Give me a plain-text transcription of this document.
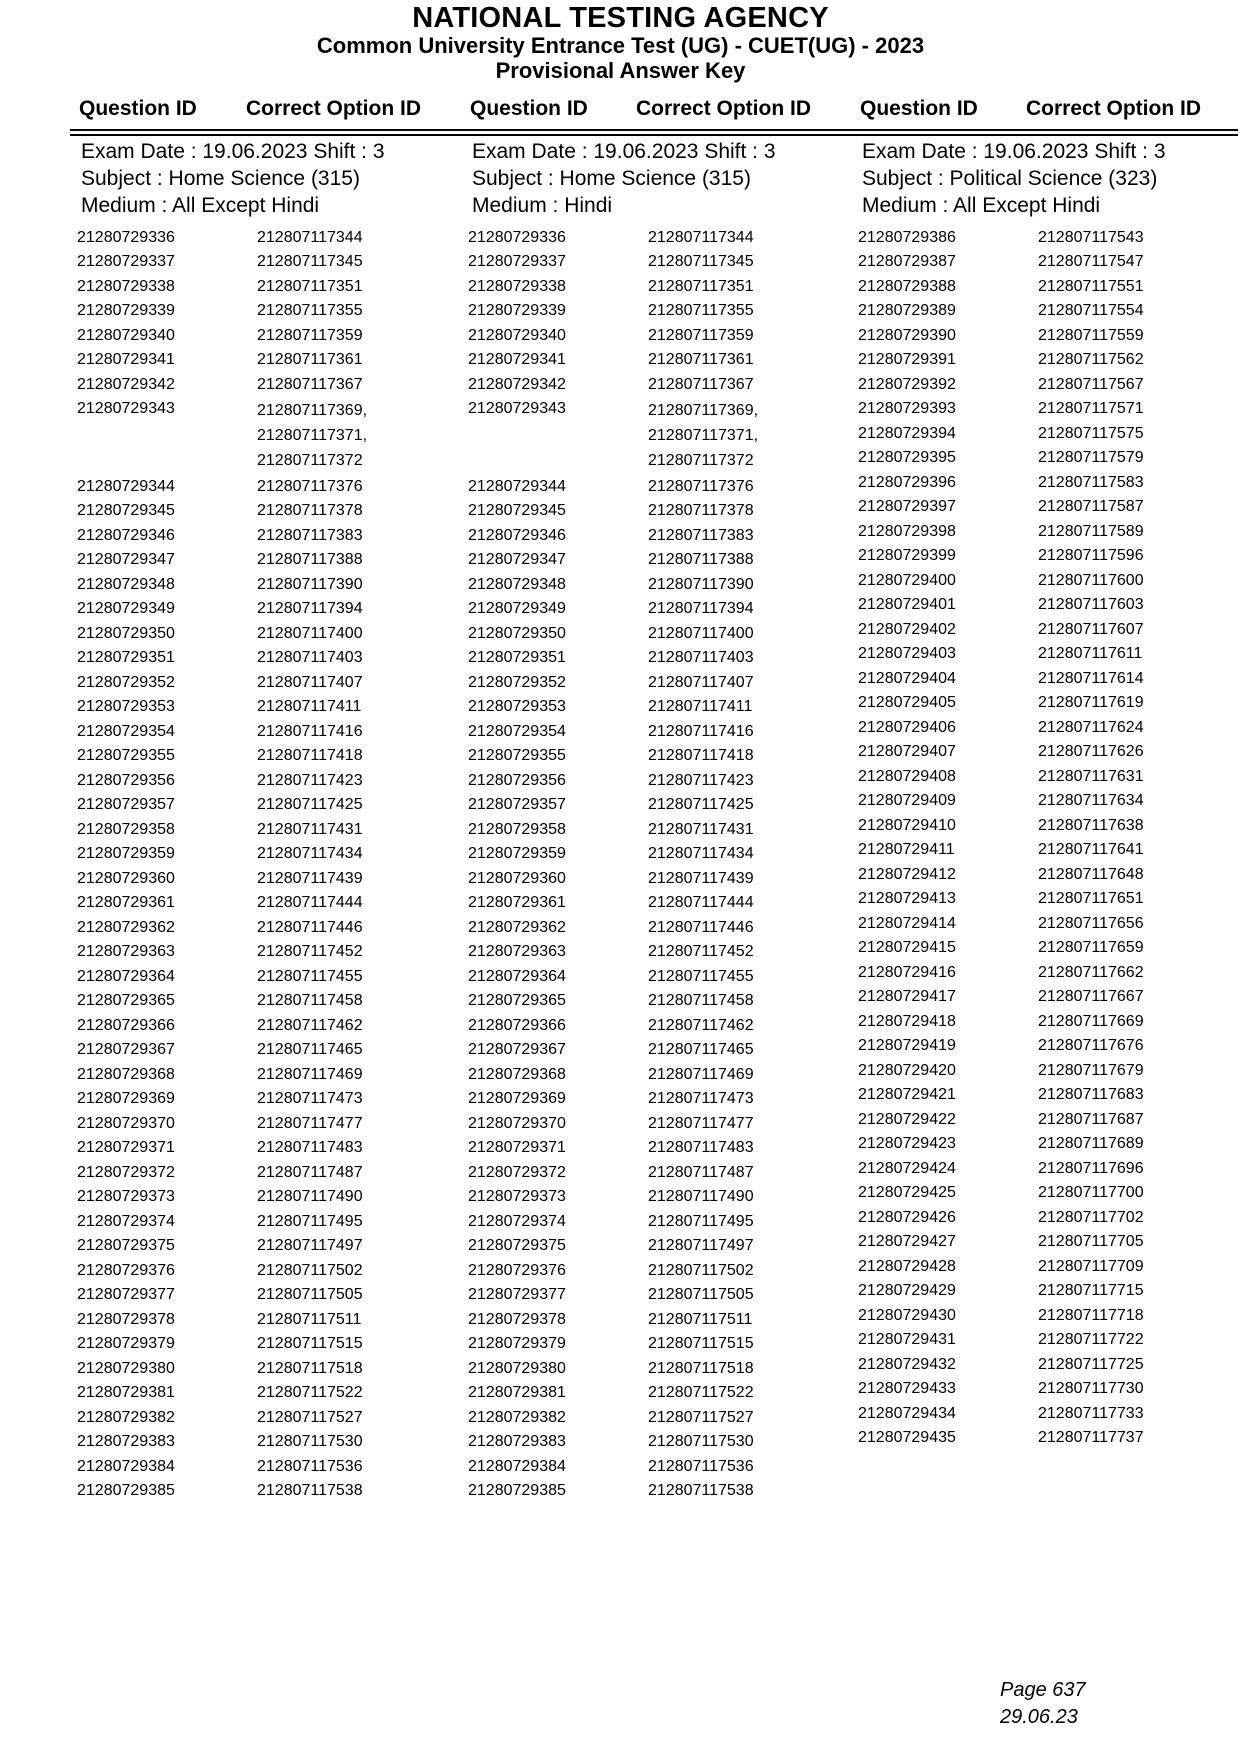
NATIONAL TESTING AGENCY
Common University Entrance Test (UG) - CUET(UG) - 2023
Provisional Answer Key
Question ID Correct Option ID Question ID Correct Option ID Question ID Correct Option ID
Exam Date : 19.06.2023 Shift : 3
Subject : Home Science (315)
Medium : All Except Hindi
21280729336	212807117344
21280729337	212807117345
21280729338	212807117351
21280729339	212807117355
21280729340	212807117359
21280729341	212807117361
21280729342	212807117367
21280729343	212807117369,
212807117371,
212807117372
21280729344	212807117376
21280729345	212807117378
21280729346	212807117383
21280729347	212807117388
21280729348	212807117390
21280729349	212807117394
21280729350	212807117400
21280729351	212807117403
21280729352	212807117407
21280729353	212807117411
21280729354	212807117416
21280729355	212807117418
21280729356	212807117423
21280729357	212807117425
21280729358	212807117431
21280729359	212807117434
21280729360	212807117439
21280729361	212807117444
21280729362	212807117446
21280729363	212807117452
21280729364	212807117455
21280729365	212807117458
21280729366	212807117462
21280729367	212807117465
21280729368	212807117469
21280729369	212807117473
21280729370	212807117477
21280729371	212807117483
21280729372	212807117487
21280729373	212807117490
21280729374	212807117495
21280729375	212807117497
21280729376	212807117502
21280729377	212807117505
21280729378	212807117511
21280729379	212807117515
21280729380	212807117518
21280729381	212807117522
21280729382	212807117527
21280729383	212807117530
21280729384	212807117536
21280729385	212807117538
Exam Date : 19.06.2023 Shift : 3
Subject : Home Science (315)
Medium : Hindi
21280729336	212807117344
21280729337	212807117345
21280729338	212807117351
21280729339	212807117355
21280729340	212807117359
21280729341	212807117361
21280729342	212807117367
21280729343	212807117369,
212807117371,
212807117372
21280729344	212807117376
21280729345	212807117378
21280729346	212807117383
21280729347	212807117388
21280729348	212807117390
21280729349	212807117394
21280729350	212807117400
21280729351	212807117403
21280729352	212807117407
21280729353	212807117411
21280729354	212807117416
21280729355	212807117418
21280729356	212807117423
21280729357	212807117425
21280729358	212807117431
21280729359	212807117434
21280729360	212807117439
21280729361	212807117444
21280729362	212807117446
21280729363	212807117452
21280729364	212807117455
21280729365	212807117458
21280729366	212807117462
21280729367	212807117465
21280729368	212807117469
21280729369	212807117473
21280729370	212807117477
21280729371	212807117483
21280729372	212807117487
21280729373	212807117490
21280729374	212807117495
21280729375	212807117497
21280729376	212807117502
21280729377	212807117505
21280729378	212807117511
21280729379	212807117515
21280729380	212807117518
21280729381	212807117522
21280729382	212807117527
21280729383	212807117530
21280729384	212807117536
21280729385	212807117538
Exam Date : 19.06.2023 Shift : 3
Subject : Political Science (323)
Medium : All Except Hindi
21280729386	212807117543
21280729387	212807117547
21280729388	212807117551
21280729389	212807117554
21280729390	212807117559
21280729391	212807117562
21280729392	212807117567
21280729393	212807117571
21280729394	212807117575
21280729395	212807117579
21280729396	212807117583
21280729397	212807117587
21280729398	212807117589
21280729399	212807117596
21280729400	212807117600
21280729401	212807117603
21280729402	212807117607
21280729403	212807117611
21280729404	212807117614
21280729405	212807117619
21280729406	212807117624
21280729407	212807117626
21280729408	212807117631
21280729409	212807117634
21280729410	212807117638
21280729411	212807117641
21280729412	212807117648
21280729413	212807117651
21280729414	212807117656
21280729415	212807117659
21280729416	212807117662
21280729417	212807117667
21280729418	212807117669
21280729419	212807117676
21280729420	212807117679
21280729421	212807117683
21280729422	212807117687
21280729423	212807117689
21280729424	212807117696
21280729425	212807117700
21280729426	212807117702
21280729427	212807117705
21280729428	212807117709
21280729429	212807117715
21280729430	212807117718
21280729431	212807117722
21280729432	212807117725
21280729433	212807117730
21280729434	212807117733
21280729435	212807117737
Page 637
29.06.23
